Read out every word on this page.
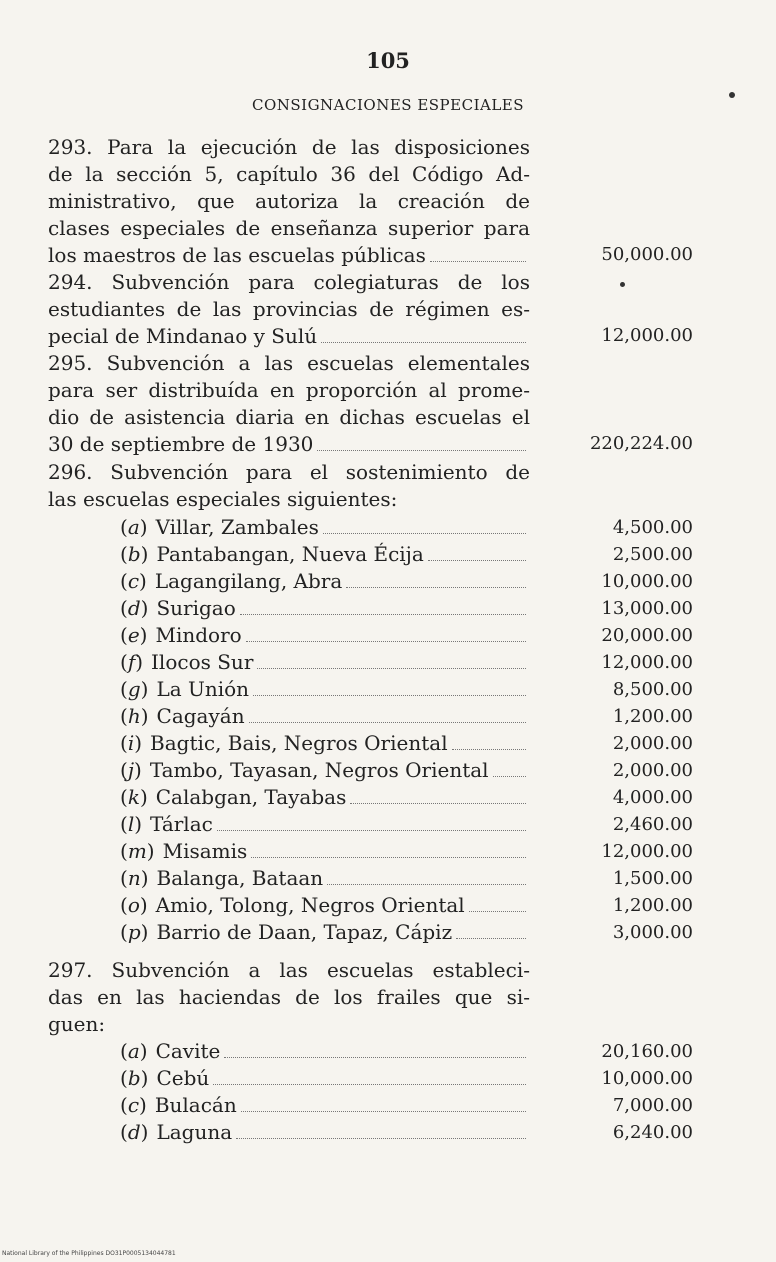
105
CONSIGNACIONES ESPECIALES
293. Para la ejecución de las disposiciones
de la sección 5, capítulo 36 del Código Ad-
ministrativo, que autoriza la creación de
clases especiales de enseñanza superior para
los maestros de las escuelas públicas	50,000.00
294. Subvención para colegiaturas de los
estudiantes de las provincias de régimen es-
pecial de Mindanao y Sulú	12,000.00
295. Subvención a las escuelas elementales
para ser distribuída en proporción al prome-
dio de asistencia diaria en dichas escuelas el
30 de septiembre de 1930	220,224.00
296. Subvención para el sostenimiento de
las escuelas especiales siguientes:
(a) Villar, Zambales	4,500.00
(b) Pantabangan, Nueva Écija	2,500.00
(c) Lagangilang, Abra	10,000.00
(d) Surigao	13,000.00
(e) Mindoro	20,000.00
(f) Ilocos Sur	12,000.00
(g) La Unión	8,500.00
(h) Cagayán	1,200.00
(i) Bagtic, Bais, Negros Oriental	2,000.00
(j) Tambo, Tayasan, Negros Oriental	2,000.00
(k) Calabgan, Tayabas	4,000.00
(l) Tárlac	2,460.00
(m) Misamis	12,000.00
(n) Balanga, Bataan	1,500.00
(o) Amio, Tolong, Negros Oriental	1,200.00
(p) Barrio de Daan, Tapaz, Cápiz	3,000.00
297. Subvención a las escuelas estableci-
das en las haciendas de los frailes que si-
guen:
(a) Cavite	20,160.00
(b) Cebú	10,000.00
(c) Bulacán	7,000.00
(d) Laguna	6,240.00
National Library of the Philippines DO31P0005134044781
